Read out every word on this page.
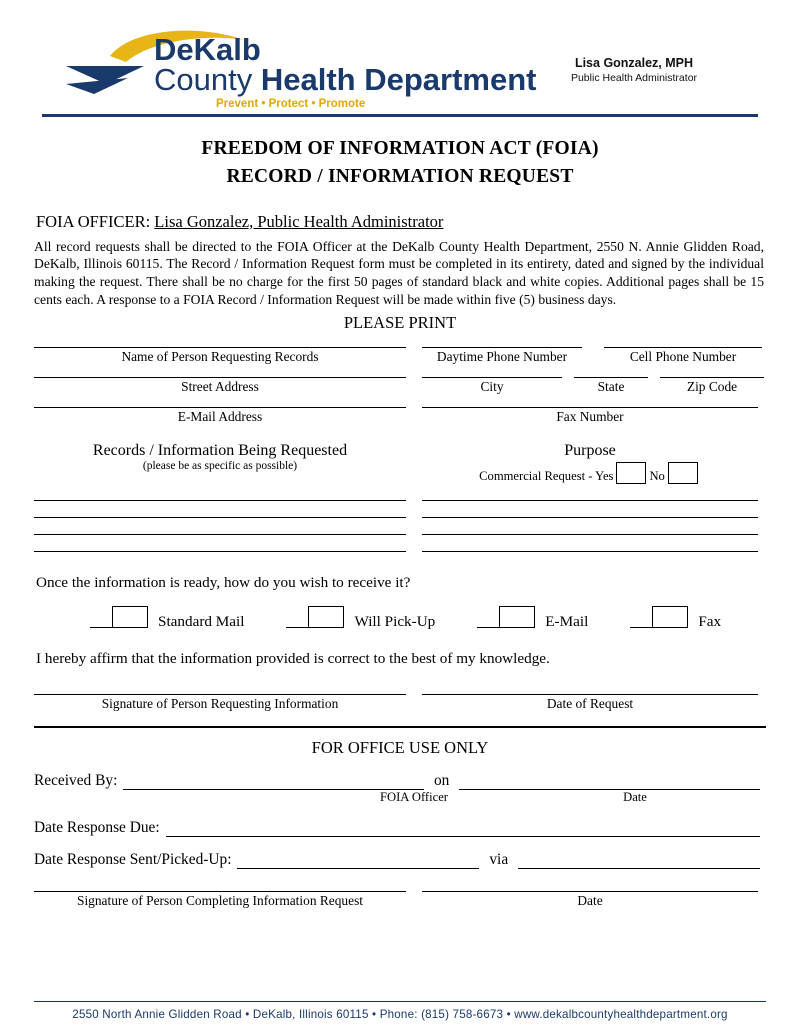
DeKalb
County Health Department
Prevent • Protect • Promote
Lisa Gonzalez, MPH
Public Health Administrator
FREEDOM OF INFORMATION ACT (FOIA)
RECORD / INFORMATION REQUEST
FOIA OFFICER: Lisa Gonzalez, Public Health Administrator
All record requests shall be directed to the FOIA Officer at the DeKalb County Health Department, 2550 N. Annie Glidden Road, DeKalb, Illinois 60115. The Record / Information Request form must be completed in its entirety, dated and signed by the individual making the request. There shall be no charge for the first 50 pages of standard black and white copies. Additional pages shall be 15 cents each. A response to a FOIA Record / Information Request will be made within five (5) business days.
PLEASE PRINT
Name of Person Requesting Records	Daytime Phone Number	Cell Phone Number
Street Address	City	State	Zip Code
E-Mail Address	Fax Number
Records / Information Being Requested
(please be as specific as possible)
Purpose
Commercial Request - Yes	No
Once the information is ready, how do you wish to receive it?
Standard Mail	Will Pick-Up	E-Mail	Fax
I hereby affirm that the information provided is correct to the best of my knowledge.
Signature of Person Requesting Information	Date of Request
FOR OFFICE USE ONLY
Received By:	on
FOIA Officer	Date
Date Response Due:
Date Response Sent/Picked-Up:	via
Signature of Person Completing Information Request	Date
2550 North Annie Glidden Road • DeKalb, Illinois 60115 • Phone: (815) 758-6673 • www.dekalbcountyhealthdepartment.org
